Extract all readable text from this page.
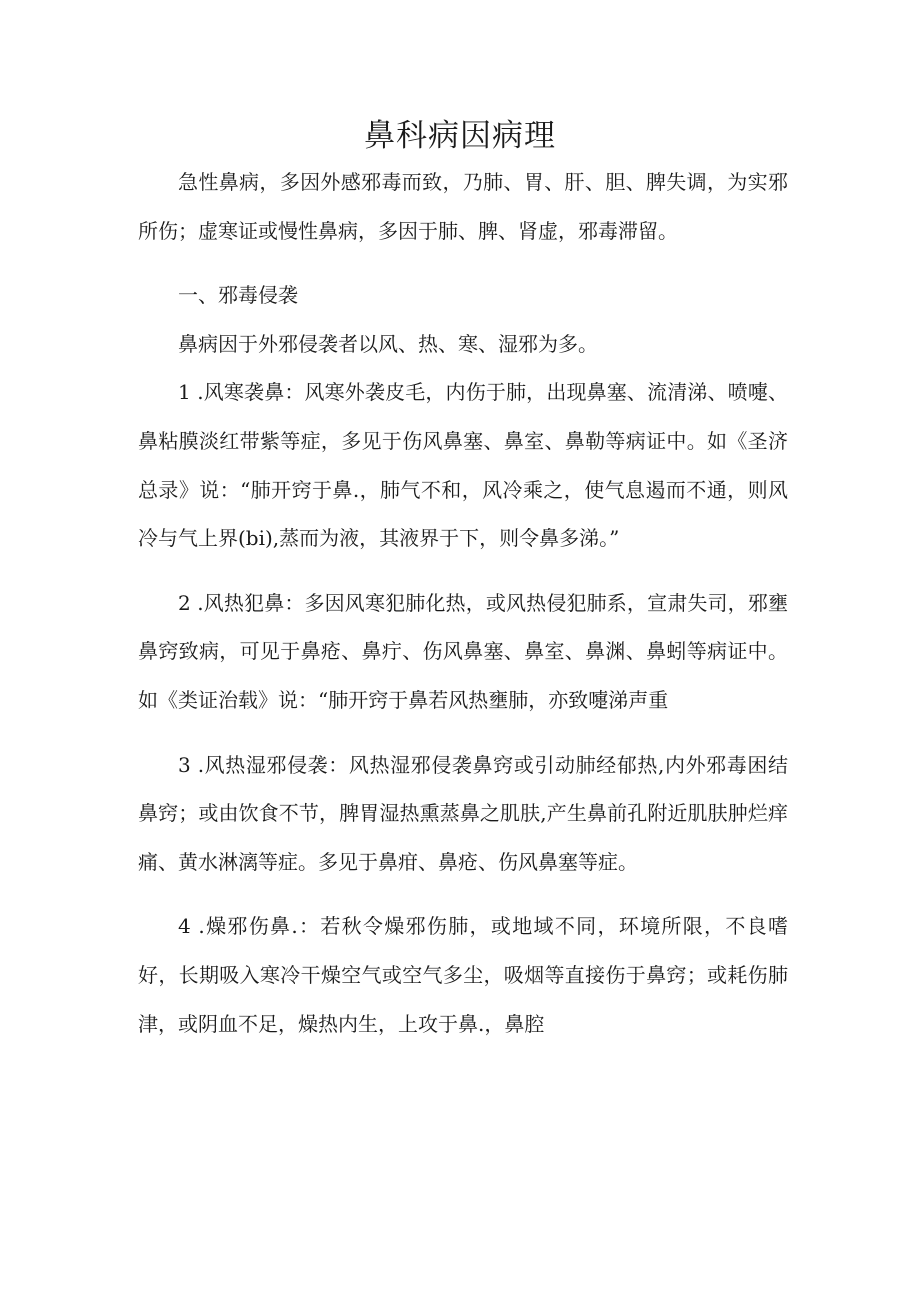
鼻科病因病理

急性鼻病，多因外感邪毒而致，乃肺、胃、肝、胆、脾失调，为实邪所伤；虚寒证或慢性鼻病，多因于肺、脾、肾虚，邪毒滞留。

一、邪毒侵袭

鼻病因于外邪侵袭者以风、热、寒、湿邪为多。

1 .风寒袭鼻：风寒外袭皮毛，内伤于肺，出现鼻塞、流清涕、喷嚏、鼻粘膜淡红带紫等症，多见于伤风鼻塞、鼻室、鼻勒等病证中。如《圣济总录》说：“肺开窍于鼻.，肺气不和，风冷乘之，使气息遏而不通，则风冷与气上界(bi),蒸而为液，其液界于下，则令鼻多涕。”

2 .风热犯鼻：多因风寒犯肺化热，或风热侵犯肺系，宣肃失司，邪壅鼻窍致病，可见于鼻疮、鼻疔、伤风鼻塞、鼻室、鼻渊、鼻蚓等病证中。如《类证治载》说：“肺开窍于鼻若风热壅肺，亦致嚏涕声重

3 .风热湿邪侵袭：风热湿邪侵袭鼻窍或引动肺经郁热,内外邪毒困结鼻窍；或由饮食不节，脾胃湿热熏蒸鼻之肌肤,产生鼻前孔附近肌肤肿烂痒痛、黄水淋漓等症。多见于鼻疳、鼻疮、伤风鼻塞等症。

4 .燥邪伤鼻.：若秋令燥邪伤肺，或地域不同，环境所限，不良嗜好，长期吸入寒冷干燥空气或空气多尘，吸烟等直接伤于鼻窍；或耗伤肺津，或阴血不足，燥热内生，上攻于鼻.，鼻腔
